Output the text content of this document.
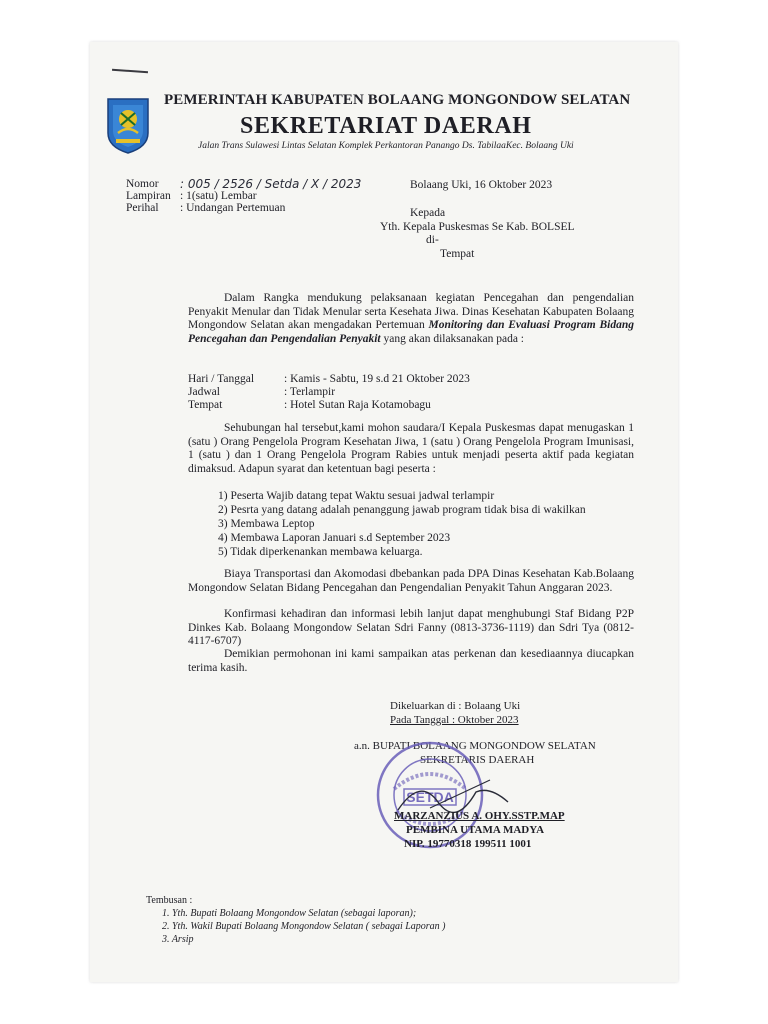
PEMERINTAH KABUPATEN BOLAANG MONGONDOW SELATAN
SEKRETARIAT DAERAH
Jalan Trans Sulawesi Lintas Selatan Komplek Perkantoran Panango Ds. TabilaaKec. Bolaang Uki
Nomor	: 005 / 2526 / Setda / X / 2023
Lampiran : 1(satu) Lembar
Perihal	: Undangan Pertemuan
Bolaang Uki, 16 Oktober 2023
Kepada
Yth. Kepala Puskesmas Se Kab. BOLSEL
di-
Tempat
Dalam Rangka mendukung pelaksanaan kegiatan Pencegahan dan pengendalian Penyakit Menular dan Tidak Menular serta Kesehata Jiwa. Dinas Kesehatan Kabupaten Bolaang Mongondow Selatan akan mengadakan Pertemuan Monitoring dan Evaluasi Program Bidang Pencegahan dan Pengendalian Penyakit yang akan dilaksanakan pada :
Hari / Tanggal	: Kamis - Sabtu, 19 s.d 21 Oktober 2023
Jadwal	: Terlampir
Tempat	: Hotel Sutan Raja Kotamobagu
Sehubungan hal tersebut,kami mohon saudara/I Kepala Puskesmas dapat menugaskan 1 (satu ) Orang Pengelola Program Kesehatan Jiwa, 1 (satu ) Orang Pengelola Program Imunisasi, 1 (satu ) dan 1 Orang Pengelola Program Rabies untuk menjadi peserta aktif pada kegiatan dimaksud. Adapun syarat dan ketentuan bagi peserta :
1) Peserta Wajib datang tepat Waktu sesuai jadwal terlampir
2) Pesrta yang datang adalah penanggung jawab program tidak bisa di wakilkan
3) Membawa Leptop
4) Membawa Laporan Januari s.d September 2023
5) Tidak diperkenankan membawa keluarga.
Biaya Transportasi dan Akomodasi dbebankan pada DPA Dinas Kesehatan Kab.Bolaang Mongondow Selatan Bidang Pencegahan dan Pengendalian Penyakit Tahun Anggaran 2023.
Konfirmasi kehadiran dan informasi lebih lanjut dapat menghubungi Staf Bidang P2P Dinkes Kab. Bolaang Mongondow Selatan Sdri Fanny (0813-3736-1119) dan Sdri Tya (0812-4117-6707)
Demikian permohonan ini kami sampaikan atas perkenan dan kesediaannya diucapkan terima kasih.
Dikeluarkan di : Bolaang Uki
Pada Tanggal : Oktober 2023
a.n. BUPATI BOLAANG MONGONDOW SELATAN
SEKRETARIS DAERAH
SETDA
MARZANZIUS A. OHY.SSTP.MAP
PEMBINA UTAMA MADYA
NIP. 19770318 199511 1001
Tembusan :
1. Yth. Bupati Bolaang Mongondow Selatan (sebagai laporan);
2. Yth. Wakil Bupati Bolaang Mongondow Selatan ( sebagai Laporan )
3. Arsip
